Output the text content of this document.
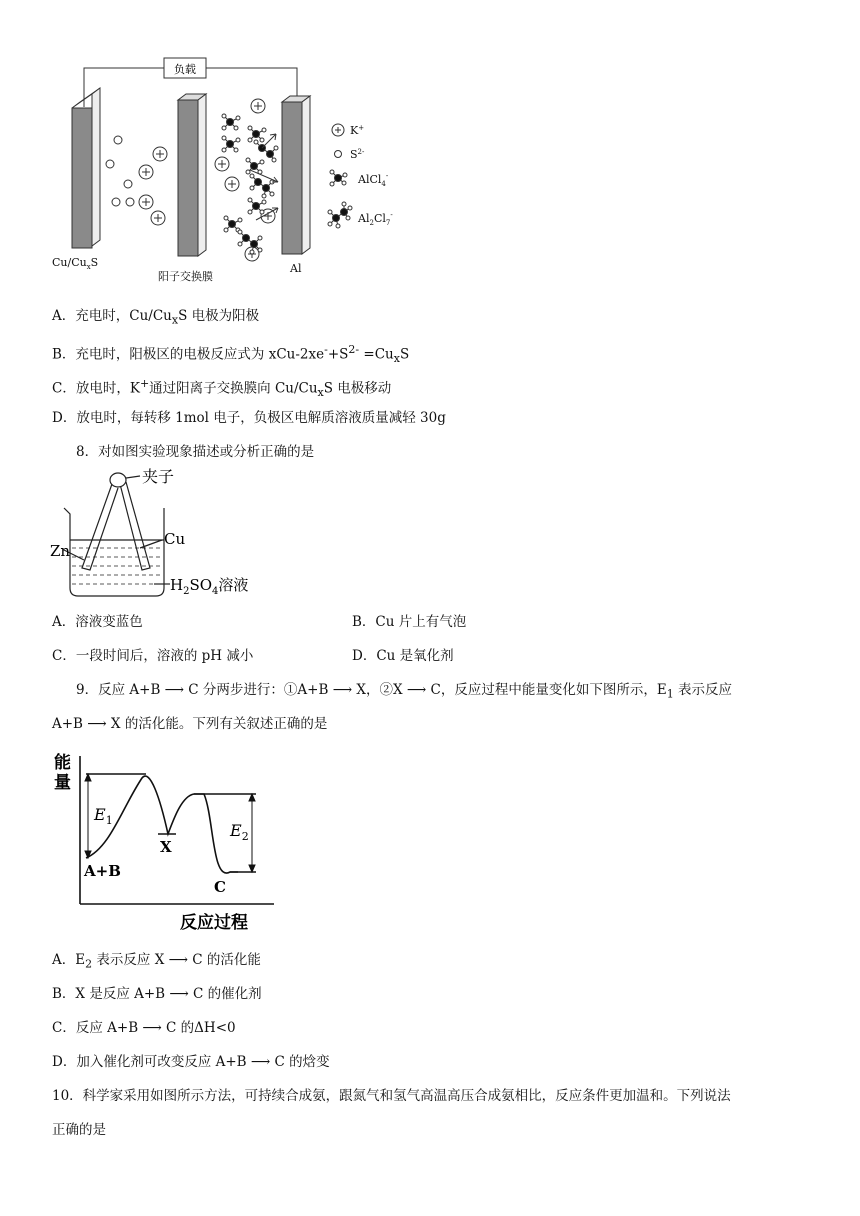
负载
K+
$S^{2-}$
AlCl$_4$-
$Al_2Cl_7^-$
$Cu/Cu_xS$
阳子交换膜
Al
A．充电时，$Cu/Cu_xS$ 电极为阳极
B．充电时，阳极区的电极反应式为 xCu-$2xe^-+S^{2-} =Cu_xS$
C．放电时，K+通过阳离子交换膜向 $Cu/Cu_xS$ 电极移动
D．放电时，每转移 1mol 电子，负极区电解质溶液质量减轻 30g
8．对如图实验现象描述或分析正确的是
夹子
Zn
Cu
$H_2SO_4$溶液
A．溶液变蓝色	B．Cu 片上有气泡
C．一段时间后，溶液的 pH 减小	D．Cu 是氧化剂
9．反应 A+B ⟶ C 分两步进行：①A+B ⟶ X，②X ⟶ C，反应过程中能量变化如下图所示，$E_1$ 表示反应
A+B ⟶ X 的活化能。下列有关叙述正确的是
能
量
反应过程
$E_1$
$E_2$
A+B
X
C
A．$E_2$ 表示反应 X ⟶ C 的活化能
B．X 是反应 A+B ⟶ C 的催化剂
C．反应 A+B ⟶ C 的ΔH<0
D．加入催化剂可改变反应 A+B ⟶ C 的焓变
10．科学家采用如图所示方法，可持续合成氨，跟氮气和氢气高温高压合成氨相比，反应条件更加温和。下列说法
正确的是
